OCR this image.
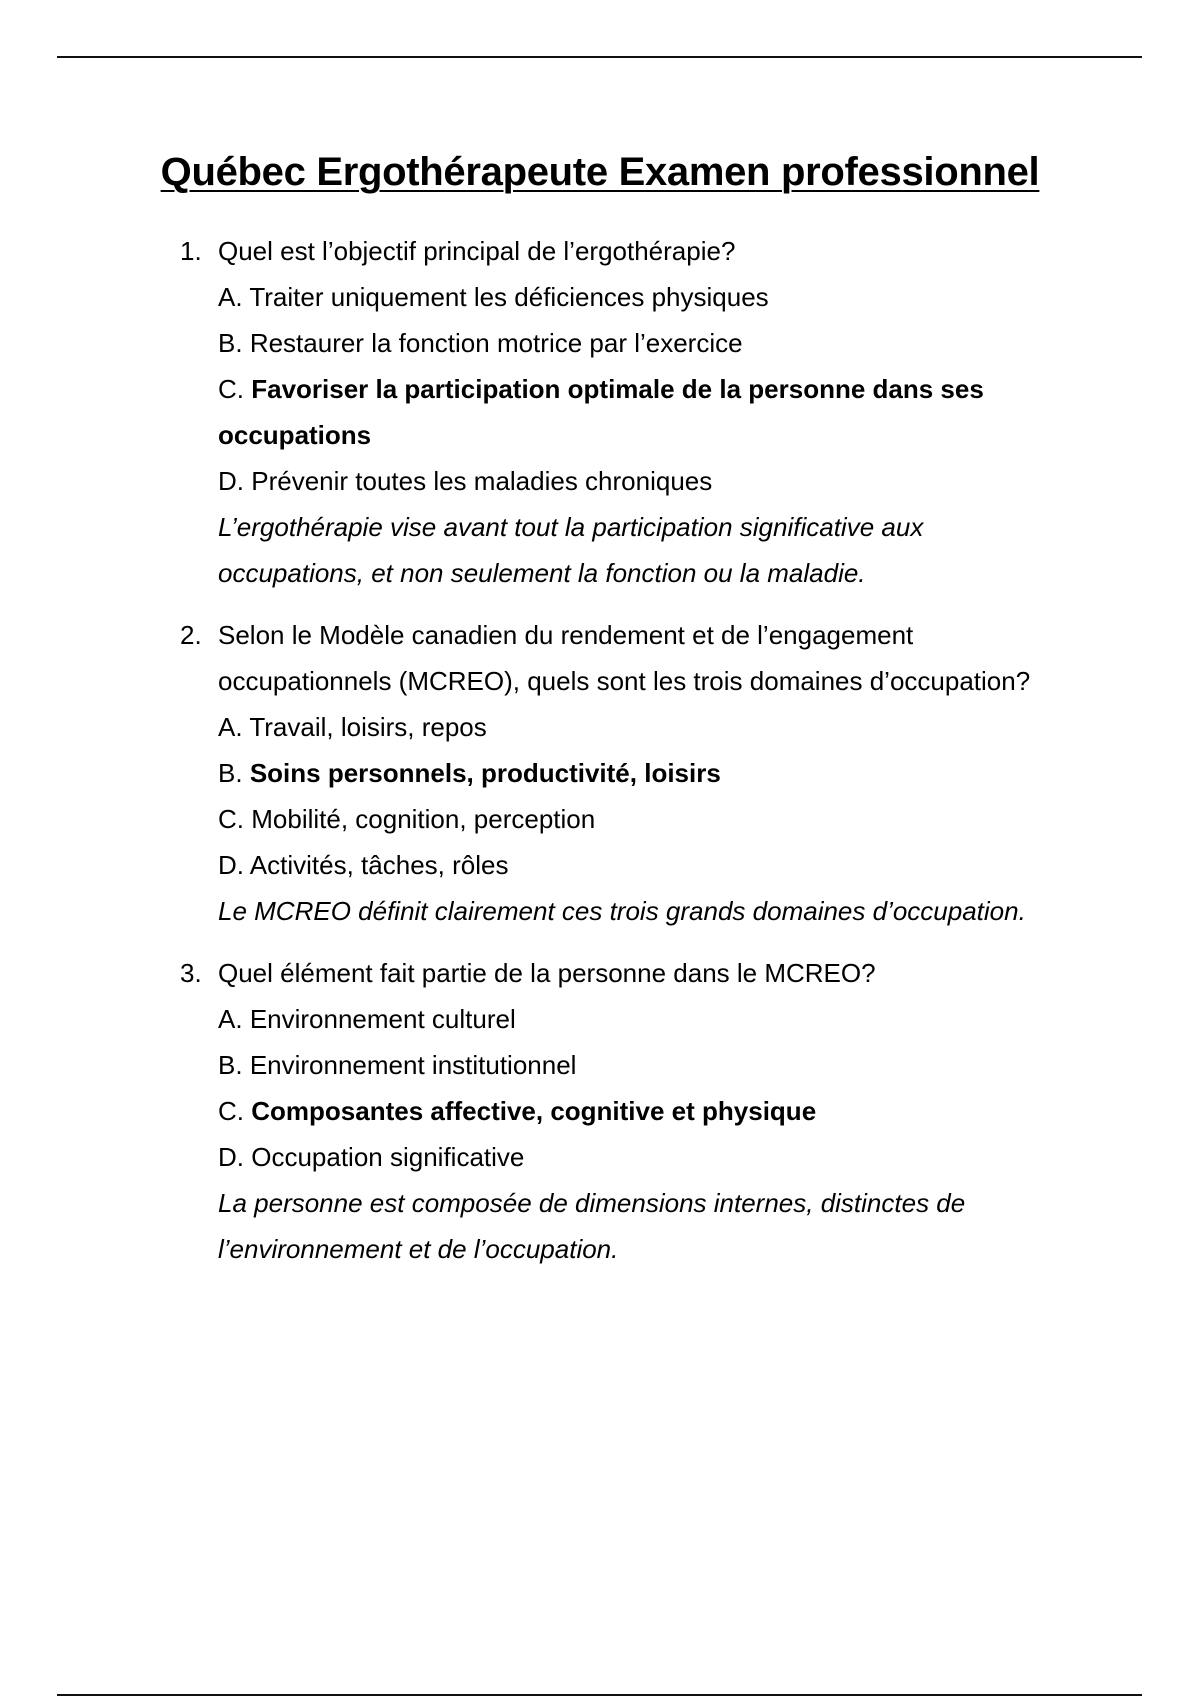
Québec Ergothérapeute Examen professionnel
1. Quel est l’objectif principal de l’ergothérapie?
A. Traiter uniquement les déficiences physiques
B. Restaurer la fonction motrice par l’exercice
C. Favoriser la participation optimale de la personne dans ses occupations
D. Prévenir toutes les maladies chroniques
L’ergothérapie vise avant tout la participation significative aux occupations, et non seulement la fonction ou la maladie.
2. Selon le Modèle canadien du rendement et de l’engagement occupationnels (MCREO), quels sont les trois domaines d’occupation?
A. Travail, loisirs, repos
B. Soins personnels, productivité, loisirs
C. Mobilité, cognition, perception
D. Activités, tâches, rôles
Le MCREO définit clairement ces trois grands domaines d’occupation.
3. Quel élément fait partie de la personne dans le MCREO?
A. Environnement culturel
B. Environnement institutionnel
C. Composantes affective, cognitive et physique
D. Occupation significative
La personne est composée de dimensions internes, distinctes de l’environnement et de l’occupation.
